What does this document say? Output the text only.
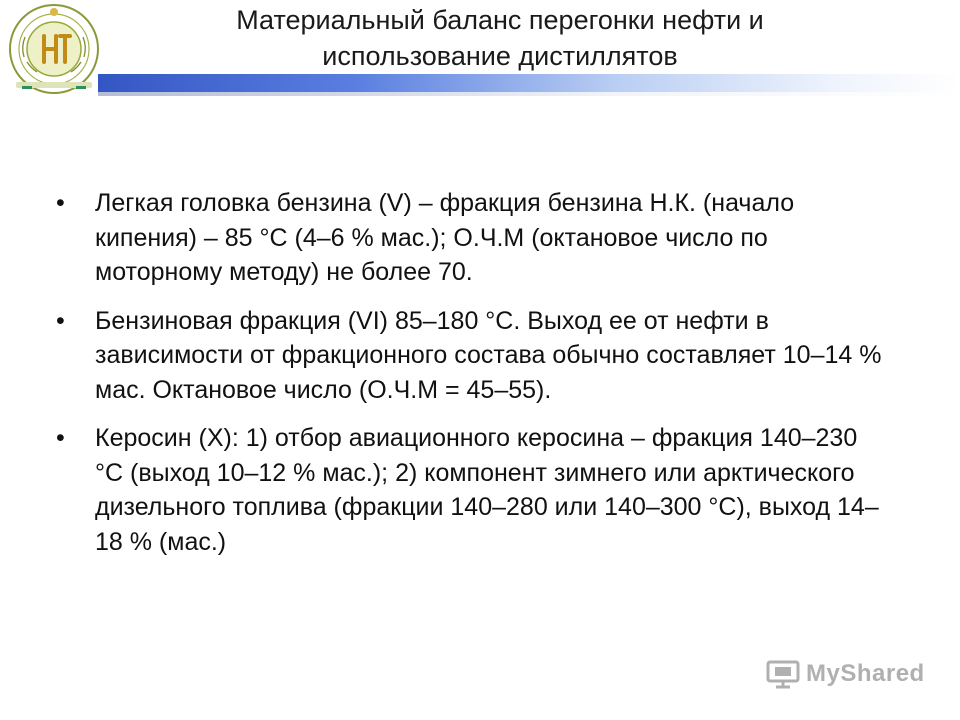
Материальный баланс перегонки нефти и
использование дистиллятов
• Легкая головка бензина (V) – фракция бензина Н.К. (начало кипения) – 85 °С (4–6 % мас.); О.Ч.М (октановое число по моторному методу) не более 70.
• Бензиновая фракция (VI) 85–180 °С. Выход ее от нефти в зависимости от фракционного состава обычно составляет 10–14 % мас. Октановое число (О.Ч.М = 45–55).
• Керосин (X): 1) отбор авиационного керосина – фракция 140–230 °С (выход 10–12 % мас.); 2) компонент зимнего или арктического дизельного топлива (фракции 140–280 или 140–300 °С), выход 14–18 % (мас.)
MyShared
